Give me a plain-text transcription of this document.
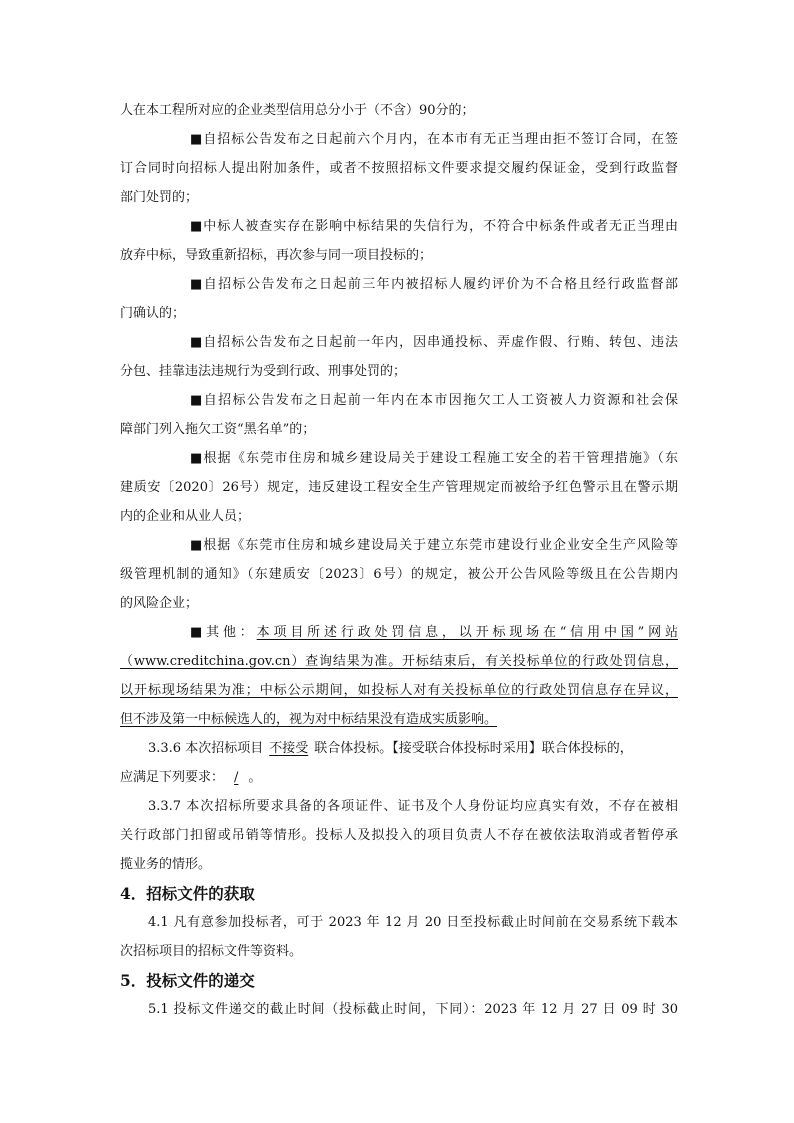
人在本工程所对应的企业类型信用总分小于（不含）90分的；
■自招标公告发布之日起前六个月内，在本市有无正当理由拒不签订合同，在签
订合同时向招标人提出附加条件，或者不按照招标文件要求提交履约保证金，受到行政监督
部门处罚的；
■中标人被查实存在影响中标结果的失信行为，不符合中标条件或者无正当理由
放弃中标，导致重新招标，再次参与同一项目投标的；
■自招标公告发布之日起前三年内被招标人履约评价为不合格且经行政监督部
门确认的；
■自招标公告发布之日起前一年内，因串通投标、弄虚作假、行贿、转包、违法
分包、挂靠违法违规行为受到行政、刑事处罚的；
■自招标公告发布之日起前一年内在本市因拖欠工人工资被人力资源和社会保
障部门列入拖欠工资“黑名单”的；
■根据《东莞市住房和城乡建设局关于建设工程施工安全的若干管理措施》（东
建质安〔2020〕26号）规定，违反建设工程安全生产管理规定而被给予红色警示且在警示期
内的企业和从业人员；
■根据《东莞市住房和城乡建设局关于建立东莞市建设行业企业安全生产风险等
级管理机制的通知》（东建质安〔2023〕6号）的规定，被公开公告风险等级且在公告期内
的风险企业；
■其他：本项目所述行政处罚信息，以开标现场在“信用中国”网站
（www.creditchina.gov.cn）查询结果为准。开标结束后，有关投标单位的行政处罚信息，
以开标现场结果为准；中标公示期间，如投标人对有关投标单位的行政处罚信息存在异议，
但不涉及第一中标候选人的，视为对中标结果没有造成实质影响。
3.3.6 本次招标项目 不接受 联合体投标。【接受联合体投标时采用】联合体投标的，
应满足下列要求： / 。
3.3.7 本次招标所要求具备的各项证件、证书及个人身份证均应真实有效，不存在被相
关行政部门扣留或吊销等情形。投标人及拟投入的项目负责人不存在被依法取消或者暂停承
揽业务的情形。
4．招标文件的获取
4.1 凡有意参加投标者，可于 2023 年 12 月 20 日至投标截止时间前在交易系统下载本
次招标项目的招标文件等资料。
5．投标文件的递交
5.1 投标文件递交的截止时间（投标截止时间，下同）：2023 年 12 月 27 日 09 时 30
